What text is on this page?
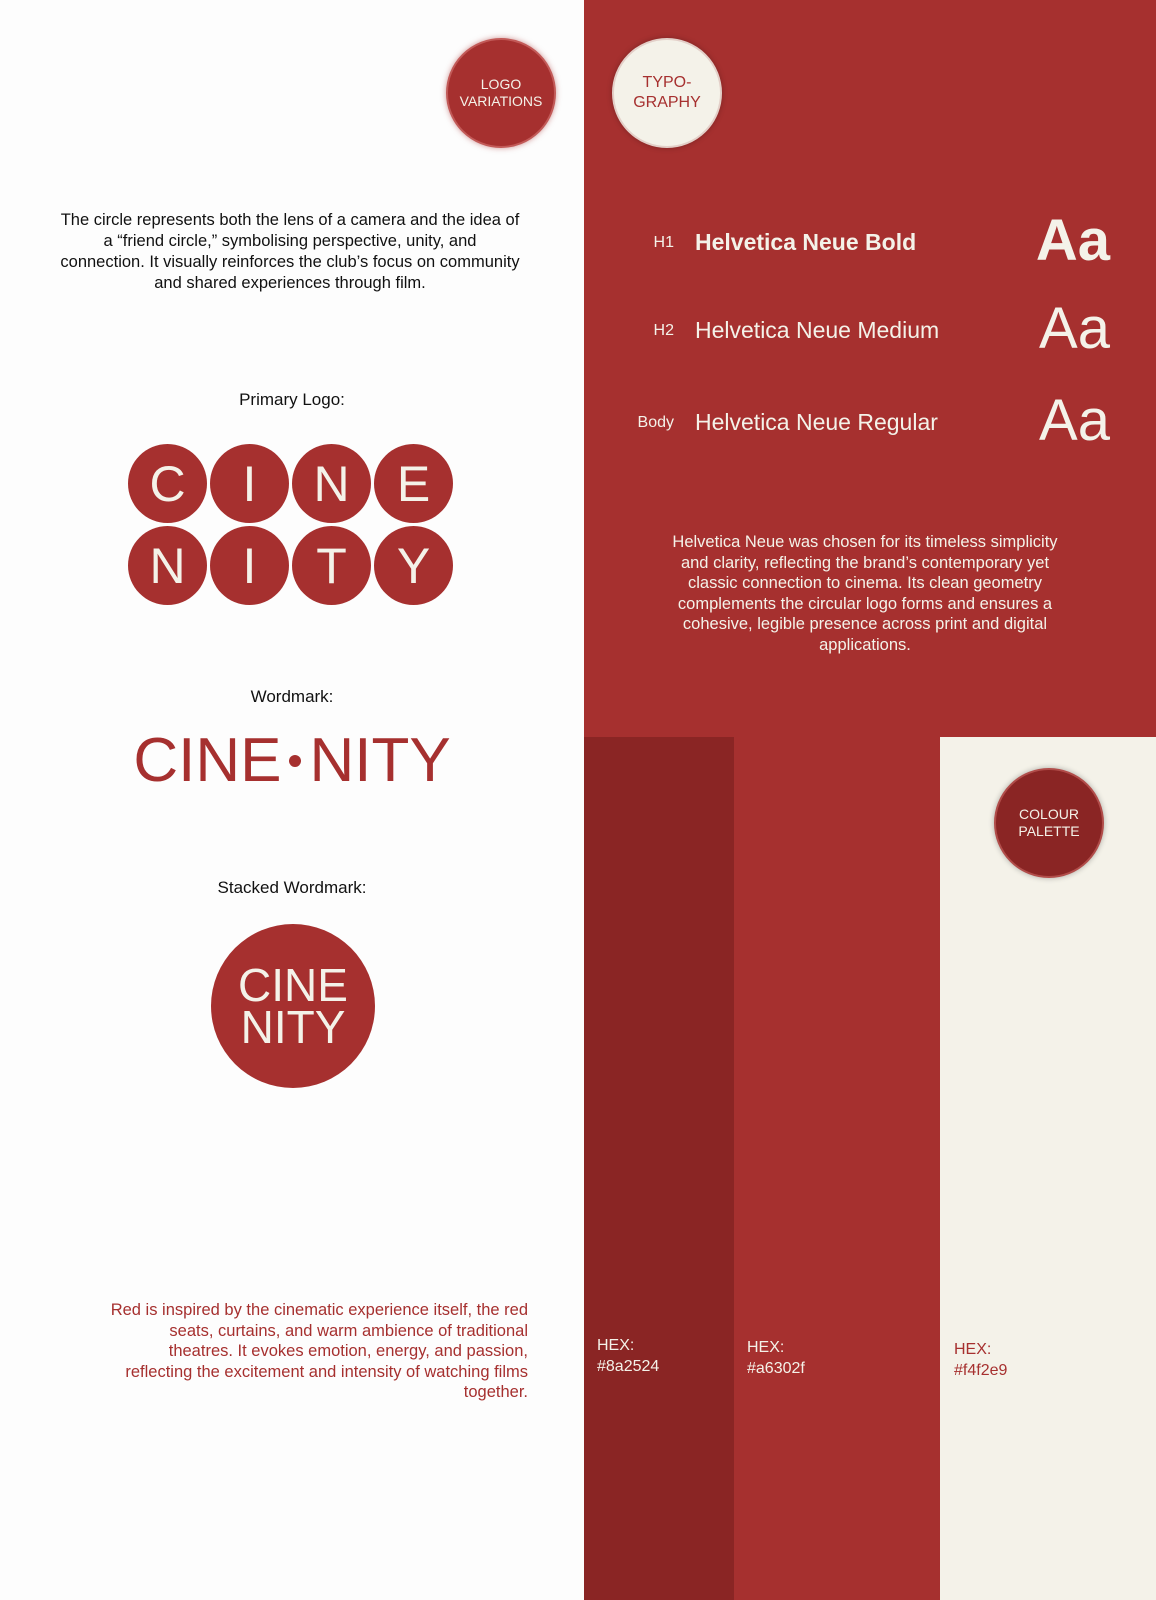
LOGO
VARIATIONS
TYPO-
GRAPHY
COLOUR
PALETTE
The circle represents both the lens of a camera and the idea of a “friend circle,” symbolising perspective, unity, and connection. It visually reinforces the club’s focus on community and shared experiences through film.
Primary Logo:
C	I	N E
N	I	T	Y
Wordmark:
CINE NITY
Stacked Wordmark:
CINE
NITY
Red is inspired by the cinematic experience itself, the red seats, curtains, and warm ambience of traditional theatres. It evokes emotion, energy, and passion, reflecting the excitement and intensity of watching films together.
H1 Helvetica Neue Bold Aa
H2 Helvetica Neue Medium Aa
Body Helvetica Neue Regular Aa
Helvetica Neue was chosen for its timeless simplicity and clarity, reflecting the brand’s contemporary yet classic connection to cinema. Its clean geometry complements the circular logo forms and ensures a cohesive, legible presence across print and digital applications.
HEX:
#8a2524
HEX:
#a6302f
HEX:
#f4f2e9
